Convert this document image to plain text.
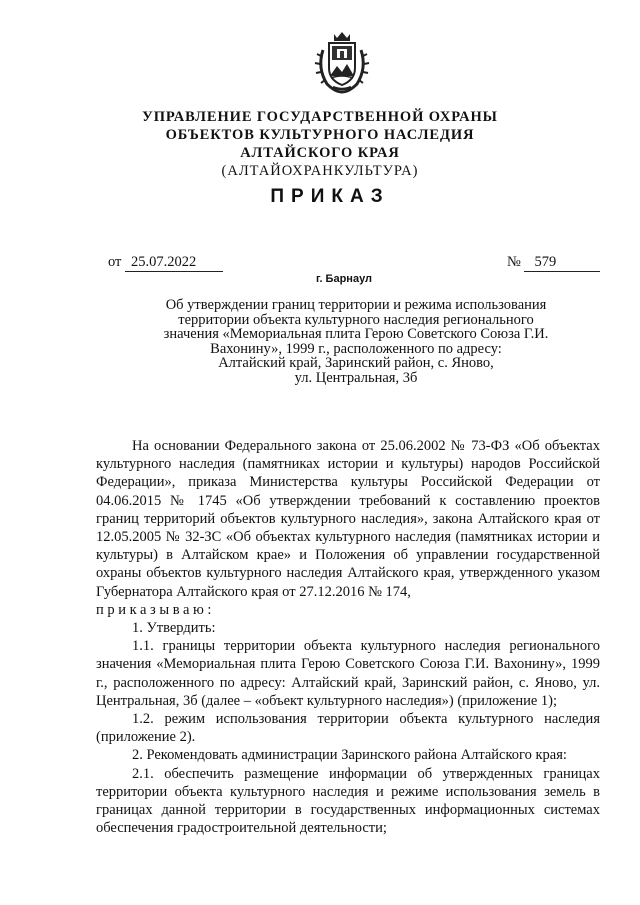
УПРАВЛЕНИЕ ГОСУДАРСТВЕННОЙ ОХРАНЫ
ОБЪЕКТОВ КУЛЬТУРНОГО НАСЛЕДИЯ
АЛТАЙСКОГО КРАЯ
(АЛТАЙОХРАНКУЛЬТУРА)
ПРИКАЗ
от 25.07.2022	№ 579
г. Барнаул
Об утверждении границ территории и режима использования
территории объекта культурного наследия регионального
значения «Мемориальная плита Герою Советского Союза Г.И.
Вахонину», 1999 г., расположенного по адресу:
Алтайский край, Заринский район, с. Яново,
ул. Центральная, 3б

На основании Федерального закона от 25.06.2002 № 73-ФЗ «Об объектах культурного наследия (памятниках истории и культуры) народов Российской Федерации», приказа Министерства культуры Российской Федерации от 04.06.2015 № 1745 «Об утверждении требований к составлению проектов границ территорий объектов культурного наследия», закона Алтайского края от 12.05.2005 № 32-ЗС «Об объектах культурного наследия (памятниках истории и культуры) в Алтайском крае» и Положения об управлении государственной охраны объектов культурного наследия Алтайского края, утвержденного указом Губернатора Алтайского края от 27.12.2016 № 174,

приказываю:

1. Утвердить:

1.1. границы территории объекта культурного наследия регионального значения «Мемориальная плита Герою Советского Союза Г.И. Вахонину», 1999 г., расположенного по адресу: Алтайский край, Заринский район, с. Яново, ул. Центральная, 3б (далее – «объект культурного наследия») (приложение 1);

1.2. режим использования территории объекта культурного наследия (приложение 2).

2. Рекомендовать администрации Заринского района Алтайского края:

2.1. обеспечить размещение информации об утвержденных границах территории объекта культурного наследия и режиме использования земель в границах данной территории в государственных информационных системах обеспечения градостроительной деятельности;
